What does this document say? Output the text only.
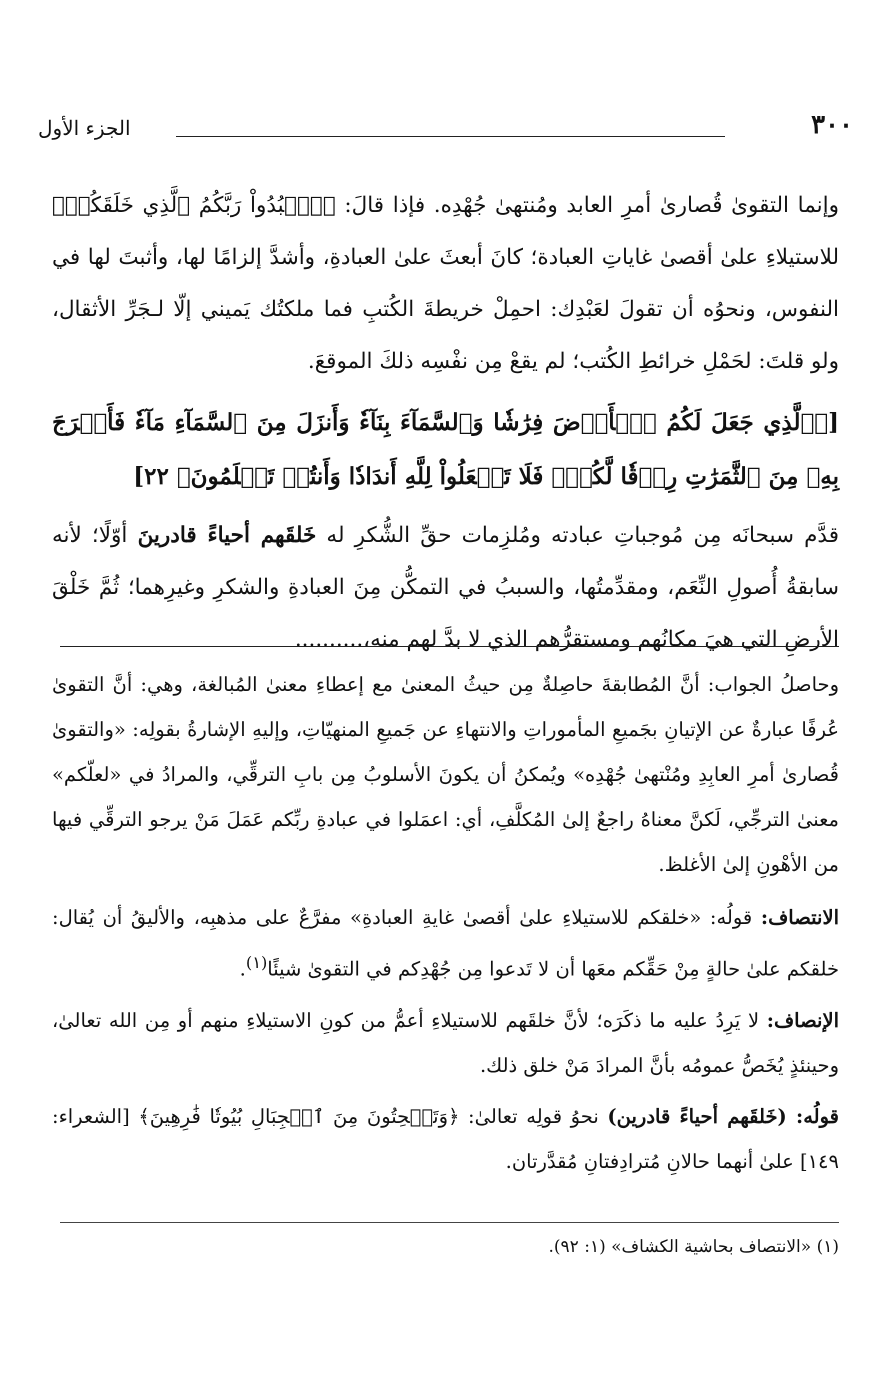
الجزء الأول	٣٠٠

وإنما التقوىٰ قُصارىٰ أمرِ العابد ومُنتهىٰ جُهْدِه. فإذا قالَ: ﴿ٱعۡبُدُواْ رَبَّكُمُ ٱلَّذِي خَلَقَكُمۡ﴾ للاستيلاءِ علىٰ أقصىٰ غاياتِ العبادة؛ كانَ أبعثَ علىٰ العبادةِ، وأشدَّ إلزامًا لها، وأثبتَ لها في النفوس، ونحوُه أن تقولَ لعَبْدِك: احمِلْ خريطةَ الكُتبِ فما ملكتُك يَميني إلّا لـجَرِّ الأثقال، ولو قلتَ: لحَمْلِ خرائطِ الكُتب؛ لم يقعْ مِن نفْسِه ذلكَ الموقعَ.

[﴿ٱلَّذِي جَعَلَ لَكُمُ ٱلۡأَرۡضَ فِرَٰشٗا وَٱلسَّمَآءَ بِنَآءٗ وَأَنزَلَ مِنَ ٱلسَّمَآءِ مَآءٗ فَأَخۡرَجَ بِهِۦ مِنَ ٱلثَّمَرَٰتِ رِزۡقٗا لَّكُمۡۖ فَلَا تَجۡعَلُواْ لِلَّهِ أَندَادٗا وَأَنتُمۡ تَعۡلَمُونَ﴾ ٢٢]

قدَّم سبحانَه مِن مُوجباتِ عبادته ومُلزِمات حقِّ الشُّكرِ له خَلقَهم أحياءً قادرينَ أوّلًا؛ لأنه سابقةُ أُصولِ النِّعَم، ومقدِّمتُها، والسببُ في التمكُّن مِنَ العبادةِ والشكرِ وغيرِهما؛ ثُمَّ خَلْقَ الأرضِ التي هيَ مكانُهم ومستقرُّهم الذي لا بدَّ لهم منه،..........

وحاصلُ الجواب: أنَّ المُطابقةَ حاصِلةٌ مِن حيثُ المعنىٰ مع إعطاءِ معنىٰ المُبالغة، وهي: أنَّ التقوىٰ عُرفًا عبارةٌ عن الإتيانِ بجَميعِ المأموراتِ والانتهاءِ عن جَميعِ المنهيّاتِ، وإليهِ الإشارةُ بقولِه: «والتقوىٰ قُصارىٰ أمرِ العابِدِ ومُنْتهىٰ جُهْدِه» ويُمكنُ أن يكونَ الأسلوبُ مِن بابِ الترقِّي، والمرادُ في «لعلّكم» معنىٰ الترجِّي، لَكنَّ معناهُ راجعٌ إلىٰ المُكلَّفِ، أي: اعمَلوا في عبادةِ ربِّكم عَمَلَ مَنْ يرجو الترقِّي فيها من الأهْونِ إلىٰ الأغلظ.

الانتصاف: قولُه: «خلقكم للاستيلاءِ علىٰ أقصىٰ غايةِ العبادةِ» مفرَّعٌ على مذهبِه، والأليقُ أن يُقال: خلقكم علىٰ حالةٍ مِنْ حَقِّكم معَها أن لا تَدعوا مِن جُهْدِكم في التقوىٰ شيئًا$^{(١)}$.

الإنصاف: لا يَرِدُ عليه ما ذكَرَه؛ لأنَّ خلقَهم للاستيلاءِ أعمُّ من كونِ الاستيلاءِ منهم أو مِن الله تعالىٰ، وحينئذٍ يُخَصُّ عمومُه بأنَّ المرادَ مَنْ خلق ذلك.

قولُه: (خَلقَهم أحياءً قادرين) نحوُ قولِه تعالىٰ: ﴿وَتَنۡحِتُونَ مِنَ ٱلۡجِبَالِ بُيُوتٗا فَٰرِهِينَ﴾ [الشعراء: ١٤٩] علىٰ أنهما حالانِ مُترادِفتانِ مُقدَّرتان.

(١) «الانتصاف بحاشية الكشاف» (١: ٩٢).
